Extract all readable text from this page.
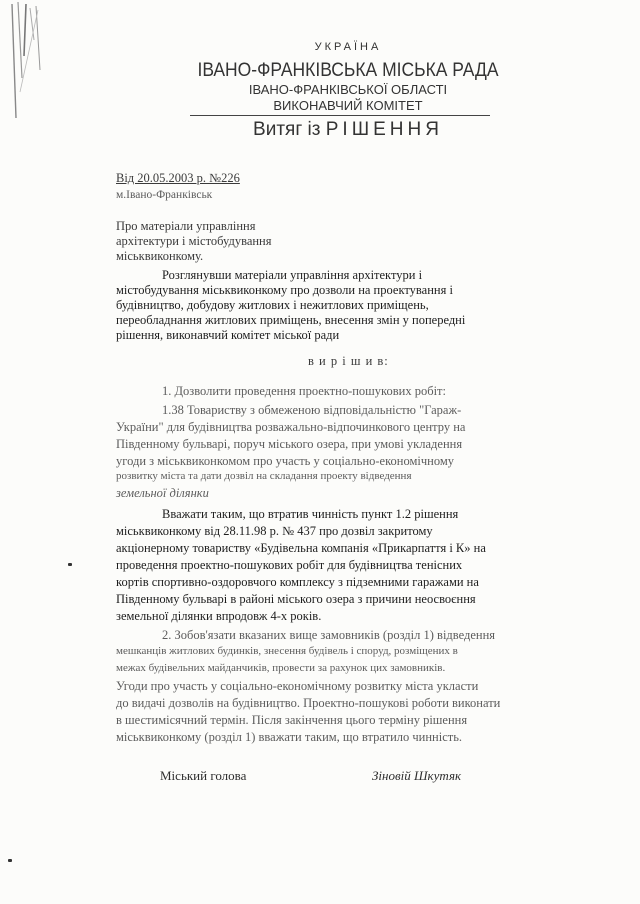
УКРАЇНА
ІВАНО-ФРАНКІВСЬКА МІСЬКА РАДА
ІВАНО-ФРАНКІВСЬКОЇ ОБЛАСТІ
ВИКОНАВЧИЙ КОМІТЕТ
Витяг із РІШЕННЯ
Від 20.05.2003 р. №226
м.Івано-Франківськ
Про матеріали управління
архітектури і містобудування
міськвиконкому.
Розглянувши матеріали управління архітектури і
містобудування міськвиконкому про дозволи на проектування і
будівництво, добудову житлових і нежитлових приміщень,
переобладнання житлових приміщень, внесення змін у попередні
рішення, виконавчий комітет міської ради
в и р і ш и в:
1. Дозволити проведення проектно-пошукових робіт:
1.38 Товариству з обмеженою відповідальністю "Гараж-
України" для будівництва розважально-відпочинкового центру на
Південному бульварі, поруч міського озера, при умові укладення
угоди з міськвиконкомом про участь у соціально-економічному
розвитку міста та дати дозвіл на складання проекту відведення
земельної ділянки
Вважати таким, що втратив чинність пункт 1.2 рішення
міськвиконкому від 28.11.98 р. № 437 про дозвіл закритому
акціонерному товариству «Будівельна компанія «Прикарпаття і К» на
проведення проектно-пошукових робіт для будівництва тенісних
кортів спортивно-оздоровчого комплексу з підземними гаражами на
Південному бульварі в районі міського озера з причини неосвоєння
земельної ділянки впродовж 4-х років.
2. Зобов'язати вказаних вище замовників (розділ 1) відведення
мешканців житлових будинків, знесення будівель і споруд, розміщених в
межах будівельних майданчиків, провести за рахунок цих замовників.
Угоди про участь у соціально-економічному розвитку міста укласти
до видачі дозволів на будівництво. Проектно-пошукові роботи виконати
в шестимісячний термін. Після закінчення цього терміну рішення
міськвиконкому (розділ 1) вважати таким, що втратило чинність.
Міський голова	Зіновій Шкутяк
